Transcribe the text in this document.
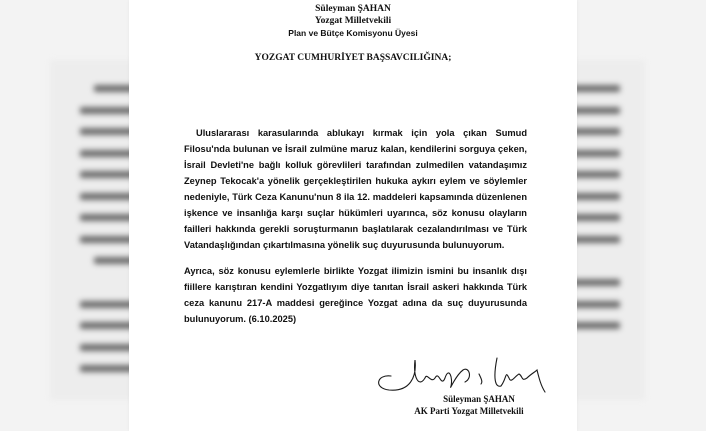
Süleyman ŞAHAN
Yozgat Milletvekili
Plan ve Bütçe Komisyonu Üyesi
YOZGAT CUMHURİYET BAŞSAVCILIĞINA;
Uluslararası karasularında ablukayı kırmak için yola çıkan Sumud Filosu'nda bulunan ve İsrail zulmüne maruz kalan, kendilerini sorguya çeken, İsrail Devleti'ne bağlı kolluk görevlileri tarafından zulmedilen vatandaşımız Zeynep Tekocak'a yönelik gerçekleştirilen hukuka aykırı eylem ve söylemler nedeniyle, Türk Ceza Kanunu'nun 8 ila 12. maddeleri kapsamında düzenlenen işkence ve insanlığa karşı suçlar hükümleri uyarınca, söz konusu olayların failleri hakkında gerekli soruşturmanın başlatılarak cezalandırılması ve Türk Vatandaşlığından çıkartılmasına yönelik suç duyurusunda bulunuyorum.
Ayrıca, söz konusu eylemlerle birlikte Yozgat ilimizin ismini bu insanlık dışı fiillere karıştıran kendini Yozgatlıyım diye tanıtan İsrail askeri hakkında Türk ceza kanunu 217-A maddesi gereğince Yozgat adına da suç duyurusunda bulunuyorum. (6.10.2025)
Süleyman ŞAHAN
AK Parti Yozgat Milletvekili
